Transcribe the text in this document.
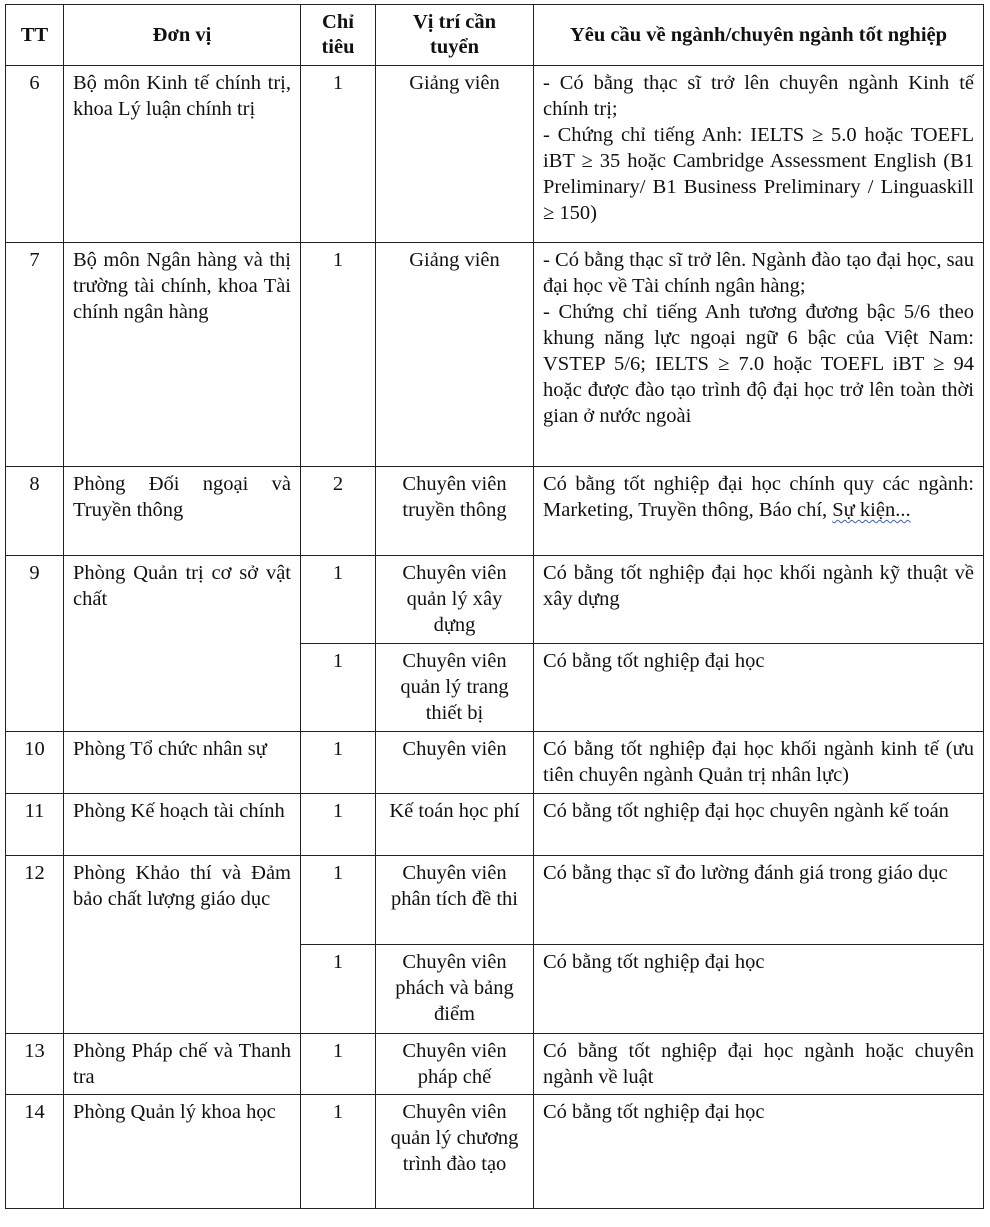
TT	Đơn vị	Chỉ tiêu	Vị trí cần tuyển	Yêu cầu về ngành/chuyên ngành tốt nghiệp
6	Bộ môn Kinh tế chính trị, khoa Lý luận chính trị	1	Giảng viên	- Có bằng thạc sĩ trở lên chuyên ngành Kinh tế chính trị;
- Chứng chỉ tiếng Anh: IELTS ≥ 5.0 hoặc TOEFL iBT ≥ 35 hoặc Cambridge Assessment English (B1 Preliminary/ B1 Business Preliminary / Linguaskill ≥ 150)

7	Bộ môn Ngân hàng và thị trường tài chính, khoa Tài chính ngân hàng	1	Giảng viên	- Có bằng thạc sĩ trở lên. Ngành đào tạo đại học, sau đại học về Tài chính ngân hàng;
- Chứng chỉ tiếng Anh tương đương bậc 5/6 theo khung năng lực ngoại ngữ 6 bậc của Việt Nam: VSTEP 5/6; IELTS ≥ 7.0 hoặc TOEFL iBT ≥ 94 hoặc được đào tạo trình độ đại học trở lên toàn thời gian ở nước ngoài

8	Phòng Đối ngoại và Truyền thông	2	Chuyên viên truyền thông	Có bằng tốt nghiệp đại học chính quy các ngành: Marketing, Truyền thông, Báo chí, Sự kiện...
9	Phòng Quản trị cơ sở vật chất	1	Chuyên viên quản lý xây dựng	Có bằng tốt nghiệp đại học khối ngành kỹ thuật về xây dựng
		1	Chuyên viên quản lý trang thiết bị	Có bằng tốt nghiệp đại học
10	Phòng Tổ chức nhân sự	1	Chuyên viên	Có bằng tốt nghiệp đại học khối ngành kinh tế (ưu tiên chuyên ngành Quản trị nhân lực)
11	Phòng Kế hoạch tài chính	1	Kế toán học phí	Có bằng tốt nghiệp đại học chuyên ngành kế toán
12	Phòng Khảo thí và Đảm bảo chất lượng giáo dục	1	Chuyên viên phân tích đề thi	Có bằng thạc sĩ đo lường đánh giá trong giáo dục
		1	Chuyên viên phách và bảng điểm	Có bằng tốt nghiệp đại học
13	Phòng Pháp chế và Thanh tra	1	Chuyên viên pháp chế	Có bằng tốt nghiệp đại học ngành hoặc chuyên ngành về luật
14	Phòng Quản lý khoa học	1	Chuyên viên quản lý chương trình đào tạo	Có bằng tốt nghiệp đại học
